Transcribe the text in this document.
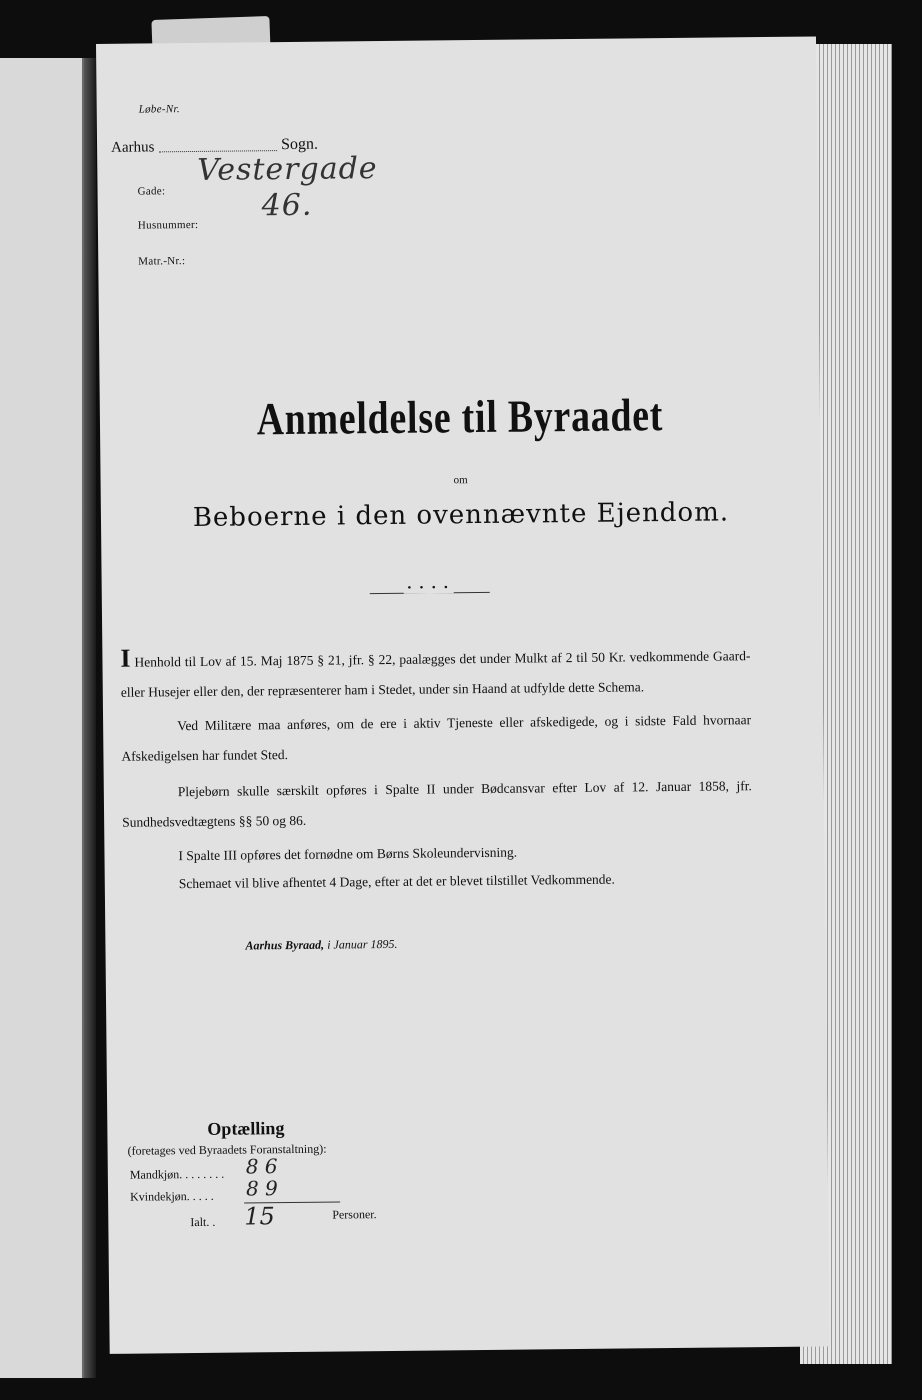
Løbe-Nr.
Aarhus	Sogn.
Gade:
Vestergade
Husnummer:
46.
Matr.-Nr.:
Anmeldelse til Byraadet
om
Beboerne i den ovennævnte Ejendom.
• • • •
I Henhold til Lov af 15. Maj 1875 § 21, jfr. § 22, paalægges det under Mulkt af 2 til 50 Kr. vedkommende Gaard- eller Husejer eller den, der repræsenterer ham i Stedet, under sin Haand at udfylde dette Schema.
Ved Militære maa anføres, om de ere i aktiv Tjeneste eller afskedigede, og i sidste Fald hvornaar Afskedigelsen har fundet Sted.
Plejebørn skulle særskilt opføres i Spalte II under Bødcansvar efter Lov af 12. Januar 1858, jfr. Sundhedsvedtægtens §§ 50 og 86.
I Spalte III opføres det fornødne om Børns Skoleundervisning.
Schemaet vil blive afhentet 4 Dage, efter at det er blevet tilstillet Vedkommende.
Aarhus Byraad, i Januar 1895.
Optælling
(foretages ved Byraadets Foranstaltning):
Mandkjøn........ 8 6
Kvindekjøn..... 8 9
Ialt.. 15	Personer.
